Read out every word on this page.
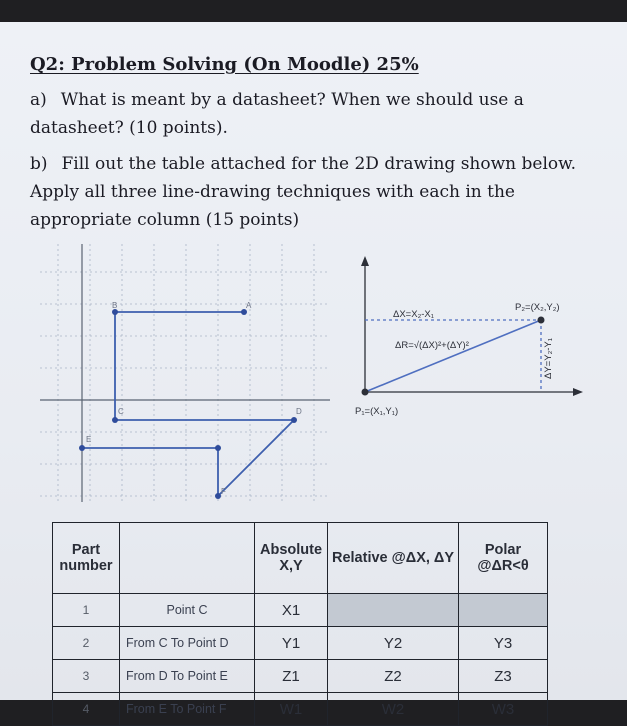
Q2: Problem Solving (On Moodle) 25%
a) What is meant by a datasheet? When we should use a datasheet? (10 points).
b) Fill out the table attached for the 2D drawing shown below. Apply all three line-drawing techniques with each in the appropriate column (15 points)
A
B
C	D
E
F
ΔX=X₂-X₁
ΔR=√(ΔX)²+(ΔY)²
P₂=(X₂,Y₂)
P₁=(X₁,Y₁)
ΔY=Y₂-Y₁
Part number		Absolute X,Y	Relative @ΔX, ΔY	Polar @ΔR<θ
1	Point C	X1		
2	From C To Point D	Y1	Y2	Y3
3	From D To Point E	Z1	Z2	Z3
4	From E To Point F	W1	W2	W3
